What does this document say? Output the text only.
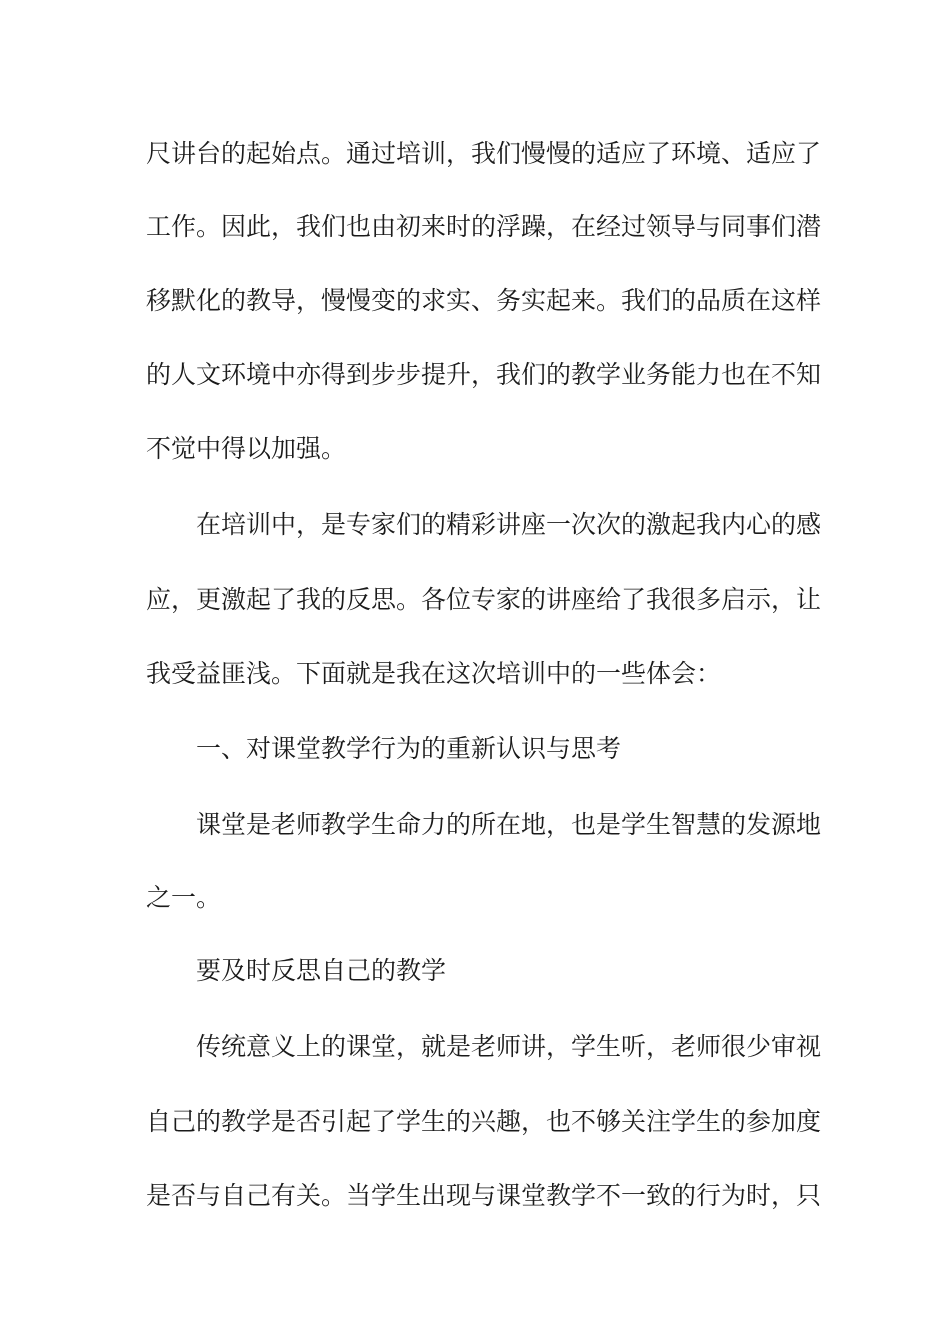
尺讲台的起始点。通过培训，我们慢慢的适应了环境、适应了
工作。因此，我们也由初来时的浮躁，在经过领导与同事们潜
移默化的教导，慢慢变的求实、务实起来。我们的品质在这样
的人文环境中亦得到步步提升，我们的教学业务能力也在不知
不觉中得以加强。
在培训中，是专家们的精彩讲座一次次的激起我内心的感
应，更激起了我的反思。各位专家的讲座给了我很多启示，让
我受益匪浅。下面就是我在这次培训中的一些体会：
一、对课堂教学行为的重新认识与思考
课堂是老师教学生命力的所在地，也是学生智慧的发源地
之一。
要及时反思自己的教学
传统意义上的课堂，就是老师讲，学生听，老师很少审视
自己的教学是否引起了学生的兴趣，也不够关注学生的参加度
是否与自己有关。当学生出现与课堂教学不一致的行为时，只
